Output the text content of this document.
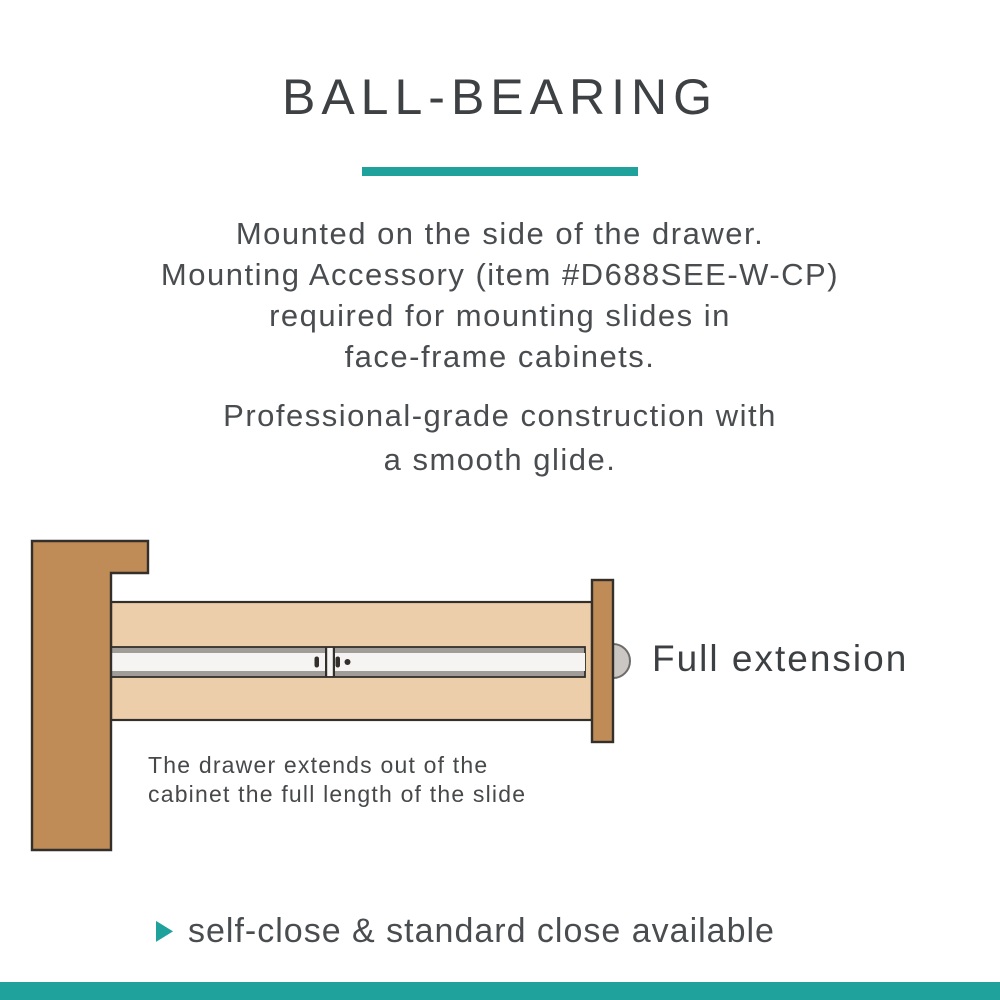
BALL-BEARING
Mounted on the side of the drawer.
Mounting Accessory (item #D688SEE-W-CP)
required for mounting slides in
face-frame cabinets.
Professional-grade construction with
a smooth glide.
Full extension
The drawer extends out of the
cabinet the full length of the slide
self-close & standard close available
